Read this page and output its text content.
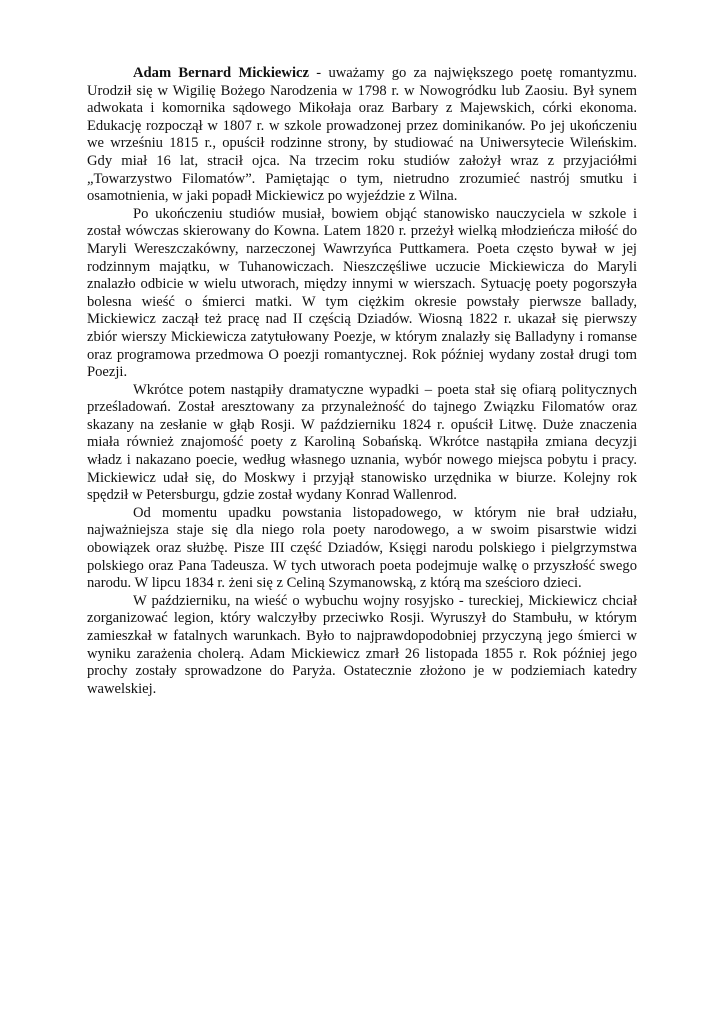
Adam Bernard Mickiewicz - uważamy go za największego poetę romantyzmu. Urodził się w Wigilię Bożego Narodzenia w 1798 r. w Nowogródku lub Zaosiu. Był synem adwokata i komornika sądowego Mikołaja oraz Barbary z Majewskich, córki ekonoma. Edukację rozpoczął w 1807 r. w szkole prowadzonej przez dominikanów. Po jej ukończeniu we wrześniu 1815 r., opuścił rodzinne strony, by studiować na Uniwersytecie Wileńskim. Gdy miał 16 lat, stracił ojca. Na trzecim roku studiów założył wraz z przyjaciółmi „Towarzystwo Filomatów”. Pamiętając o tym, nietrudno zrozumieć nastrój smutku i osamotnienia, w jaki popadł Mickiewicz po wyjeździe z Wilna.

Po ukończeniu studiów musiał, bowiem objąć stanowisko nauczyciela w szkole i został wówczas skierowany do Kowna. Latem 1820 r. przeżył wielką młodzieńcza miłość do Maryli Wereszczakówny, narzeczonej Wawrzyńca Puttkamera. Poeta często bywał w jej rodzinnym majątku, w Tuhanowiczach. Nieszczęśliwe uczucie Mickiewicza do Maryli znalazło odbicie w wielu utworach, między innymi w wierszach. Sytuację poety pogorszyła bolesna wieść o śmierci matki. W tym ciężkim okresie powstały pierwsze ballady, Mickiewicz zaczął też pracę nad II częścią Dziadów. Wiosną 1822 r. ukazał się pierwszy zbiór wierszy Mickiewicza zatytułowany Poezje, w którym znalazły się Balladyny i romanse oraz programowa przedmowa O poezji romantycznej. Rok później wydany został drugi tom Poezji.

Wkrótce potem nastąpiły dramatyczne wypadki – poeta stał się ofiarą politycznych prześladowań. Został aresztowany za przynależność do tajnego Związku Filomatów oraz skazany na zesłanie w głąb Rosji. W październiku 1824 r. opuścił Litwę. Duże znaczenia miała również znajomość poety z Karoliną Sobańską. Wkrótce nastąpiła zmiana decyzji władz i nakazano poecie, według własnego uznania, wybór nowego miejsca pobytu i pracy. Mickiewicz udał się, do Moskwy i przyjął stanowisko urzędnika w biurze. Kolejny rok spędził w Petersburgu, gdzie został wydany Konrad Wallenrod.

Od momentu upadku powstania listopadowego, w którym nie brał udziału, najważniejsza staje się dla niego rola poety narodowego, a w swoim pisarstwie widzi obowiązek oraz służbę. Pisze III część Dziadów, Księgi narodu polskiego i pielgrzymstwa polskiego oraz Pana Tadeusza. W tych utworach poeta podejmuje walkę o przyszłość swego narodu. W lipcu 1834 r. żeni się z Celiną Szymanowską, z którą ma sześcioro dzieci.

W październiku, na wieść o wybuchu wojny rosyjsko - tureckiej, Mickiewicz chciał zorganizować legion, który walczyłby przeciwko Rosji. Wyruszył do Stambułu, w którym zamieszkał w fatalnych warunkach. Było to najprawdopodobniej przyczyną jego śmierci w wyniku zarażenia cholerą. Adam Mickiewicz zmarł 26 listopada 1855 r. Rok później jego prochy zostały sprowadzone do Paryża. Ostatecznie złożono je w podziemiach katedry wawelskiej.
